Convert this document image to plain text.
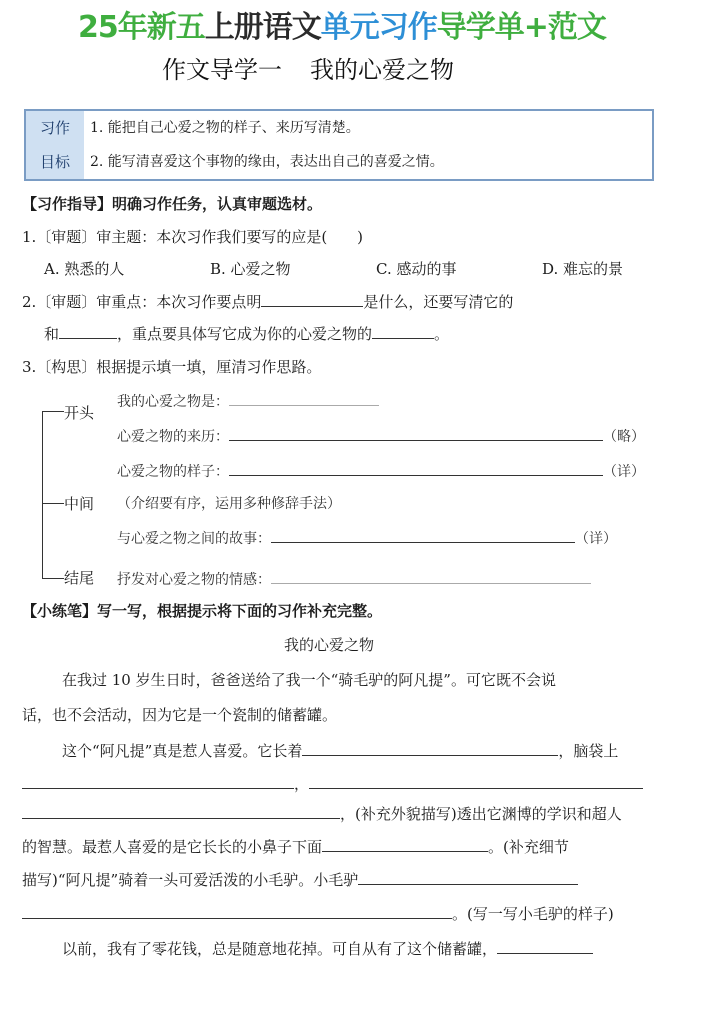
25年新五上册语文单元习作导学单+范文
作文导学一 我的心爱之物
习作
目标
1. 能把自己心爱之物的样子、来历写清楚。
2. 能写清喜爱这个事物的缘由，表达出自己的喜爱之情。
【习作指导】明确习作任务，认真审题选材。
1.〔审题〕审主题：本次习作我们要写的应是(　　)
A. 熟悉的人	B. 心爱之物	C. 感动的事	D. 难忘的景
2.〔审题〕审重点：本次习作要点明	是什么，还要写清它的
和	，重点要具体写它成为你的心爱之物的	。
3.〔构思〕根据提示填一填，厘清习作思路。
开头
中间
结尾
我的心爱之物是：
心爱之物的来历：	（略）
心爱之物的样子：	（详）
（介绍要有序，运用多种修辞手法）
与心爱之物之间的故事：	（详）
抒发对心爱之物的情感：
【小练笔】写一写，根据提示将下面的习作补充完整。
我的心爱之物
在我过 10 岁生日时，爸爸送给了我一个“骑毛驴的阿凡提”。可它既不会说
话，也不会活动，因为它是一个瓷制的储蓄罐。
这个“阿凡提”真是惹人喜爱。它长着	，脑袋上
，
，(补充外貌描写)透出它渊博的学识和超人
的智慧。最惹人喜爱的是它长长的小鼻子下面	。(补充细节
描写)“阿凡提”骑着一头可爱活泼的小毛驴。小毛驴
。(写一写小毛驴的样子)
以前，我有了零花钱，总是随意地花掉。可自从有了这个储蓄罐，
